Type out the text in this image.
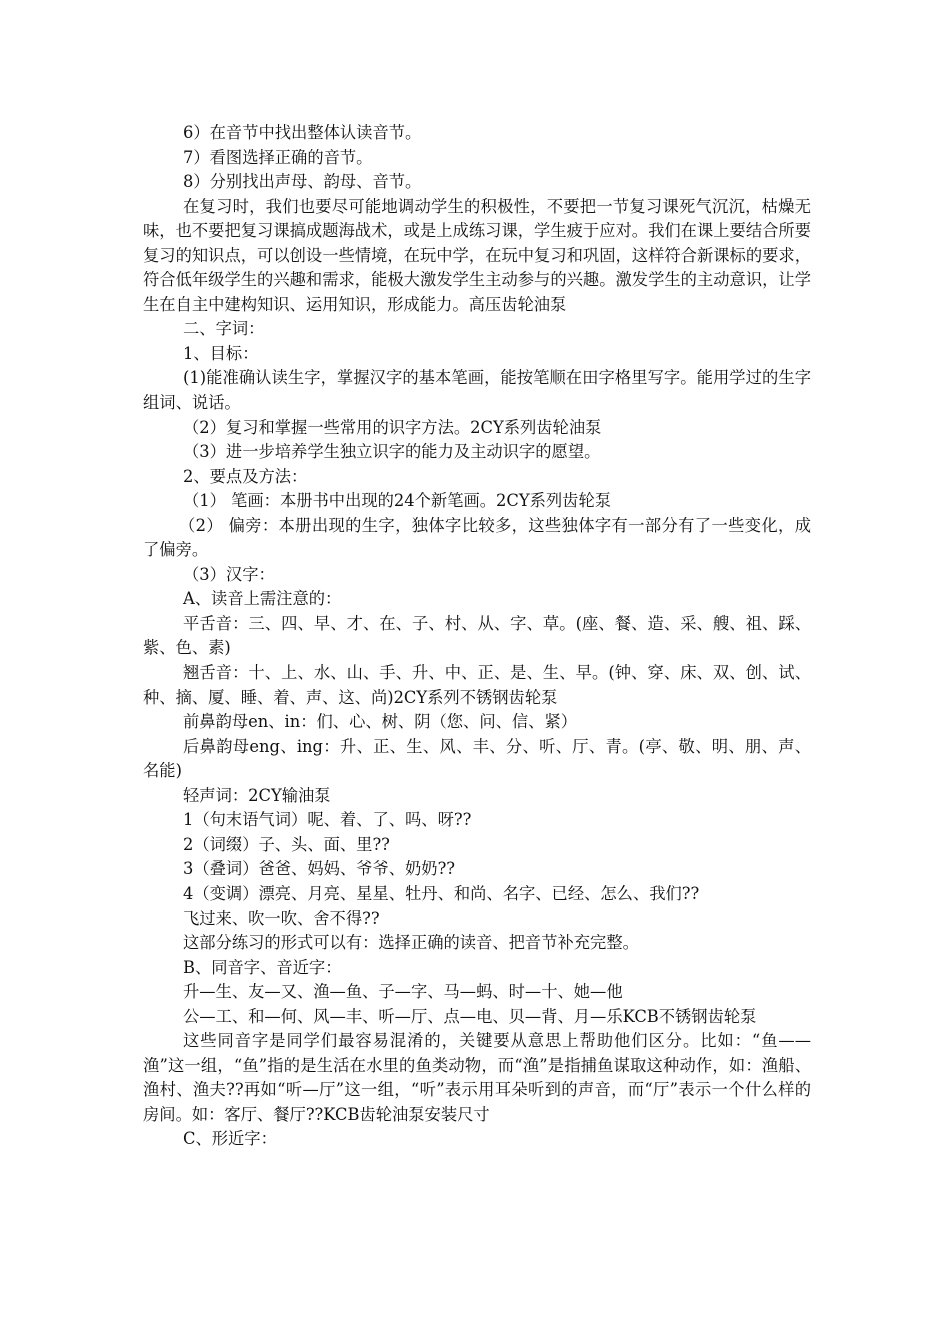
6）在音节中找出整体认读音节。

7）看图选择正确的音节。

8）分别找出声母、韵母、音节。

在复习时，我们也要尽可能地调动学生的积极性，不要把一节复习课死气沉沉，枯燥无味，也不要把复习课搞成题海战术，或是上成练习课，学生疲于应对。我们在课上要结合所要复习的知识点，可以创设一些情境，在玩中学，在玩中复习和巩固，这样符合新课标的要求，符合低年级学生的兴趣和需求，能极大激发学生主动参与的兴趣。激发学生的主动意识，让学生在自主中建构知识、运用知识，形成能力。高压齿轮油泵

二、字词：

1、目标：

(1)能准确认读生字，掌握汉字的基本笔画，能按笔顺在田字格里写字。能用学过的生字组词、说话。

（2）复习和掌握一些常用的识字方法。2CY系列齿轮油泵

（3）进一步培养学生独立识字的能力及主动识字的愿望。

2、要点及方法：

（1） 笔画：本册书中出现的24个新笔画。2CY系列齿轮泵

（2） 偏旁：本册出现的生字，独体字比较多，这些独体字有一部分有了一些变化，成了偏旁。

（3）汉字：

A、读音上需注意的：

平舌音：三、四、早、才、在、子、村、从、字、草。(座、餐、造、采、艘、祖、踩、紫、色、素)

翘舌音：十、上、水、山、手、升、中、正、是、生、早。(钟、穿、床、双、创、试、种、摘、厦、睡、着、声、这、尚)2CY系列不锈钢齿轮泵

前鼻韵母en、in：们、心、树、阴（您、问、信、紧）

后鼻韵母eng、ing：升、正、生、风、丰、分、听、厅、青。(亭、敬、明、朋、声、名能)

轻声词：2CY输油泵

1（句末语气词）呢、着、了、吗、呀??

2（词缀）子、头、面、里??

3（叠词）爸爸、妈妈、爷爷、奶奶??

4（变调）漂亮、月亮、星星、牡丹、和尚、名字、已经、怎么、我们??

飞过来、吹一吹、舍不得??

这部分练习的形式可以有：选择正确的读音、把音节补充完整。

B、同音字、音近字：

升—生、友—又、渔—鱼、子—字、马—蚂、时—十、她—他

公—工、和—何、风—丰、听—厅、点—电、贝—背、月—乐KCB不锈钢齿轮泵

这些同音字是同学们最容易混淆的，关键要从意思上帮助他们区分。比如：“鱼——渔”这一组，“鱼”指的是生活在水里的鱼类动物，而“渔”是指捕鱼谋取这种动作，如：渔船、渔村、渔夫??再如“听—厅”这一组，“听”表示用耳朵听到的声音，而“厅”表示一个什么样的房间。如：客厅、餐厅??KCB齿轮油泵安装尺寸

C、形近字：
